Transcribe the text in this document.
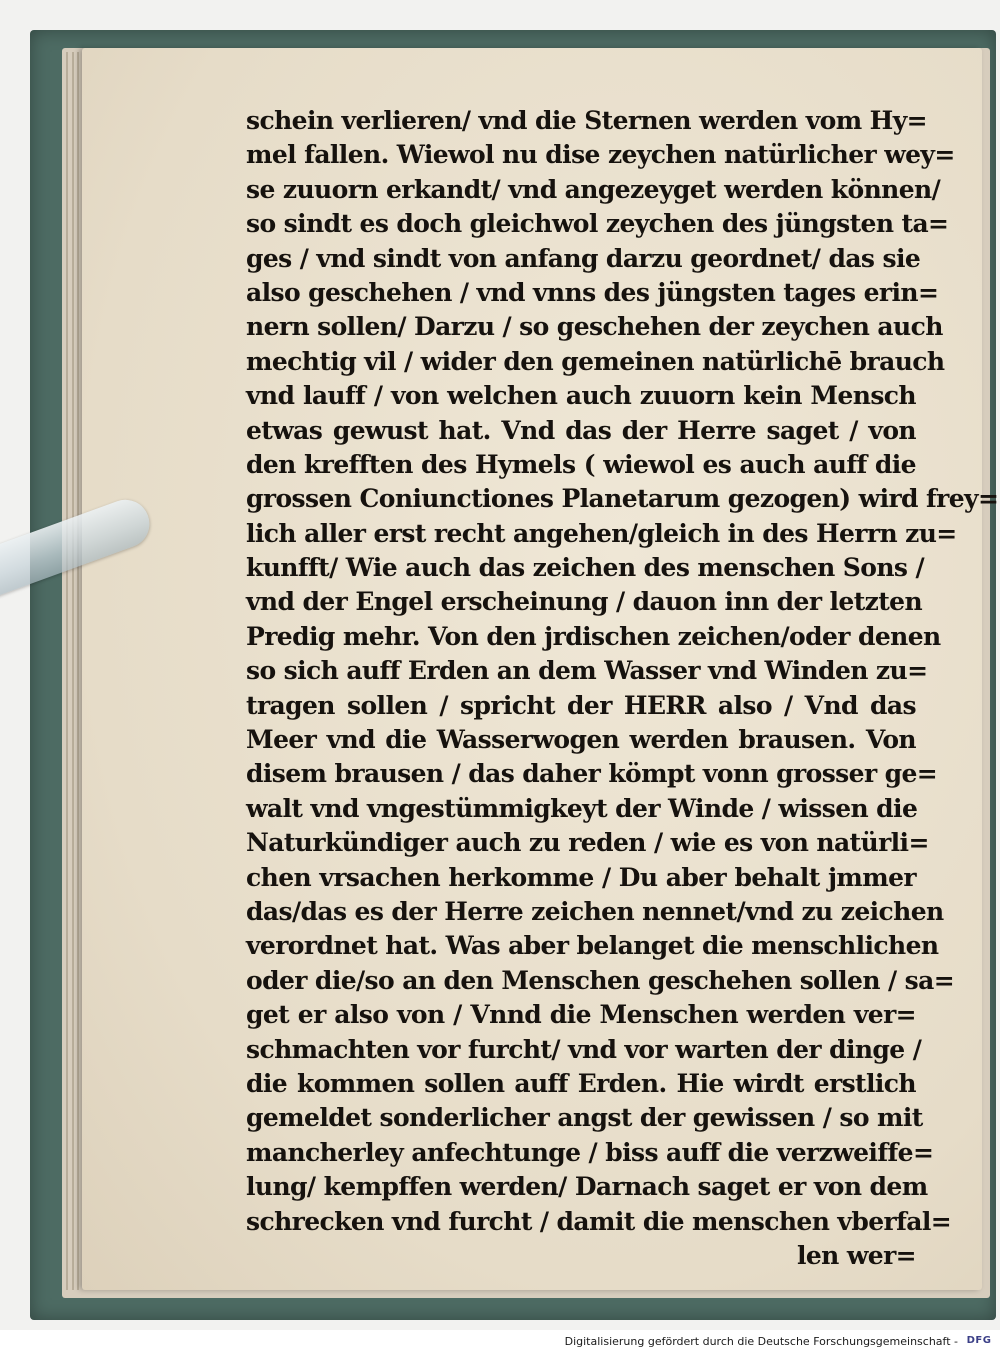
schein verlieren/ vnd die Sternen werden vom Hy=
mel fallen. Wiewol nu dise zeychen natürlicher wey=
se zuuorn erkandt/ vnd angezeyget werden können/
so sindt es doch gleichwol zeychen des jüngsten ta=
ges / vnd sindt von anfang darzu geordnet/ das sie
also geschehen / vnd vnns des jüngsten tages erin=
nern sollen/ Darzu / so geschehen der zeychen auch
mechtig vil / wider den gemeinen natürlichē brauch
vnd lauff / von welchen auch zuuorn kein Mensch
etwas gewust hat. Vnd das der Herre saget / von
den krefften des Hymels ( wiewol es auch auff die
grossen Coniunctiones Planetarum gezogen) wird frey=
lich aller erst recht angehen/gleich in des Herrn zu=
kunfft/ Wie auch das zeichen des menschen Sons /
vnd der Engel erscheinung / dauon inn der letzten
Predig mehr. Von den jrdischen zeichen/oder denen
so sich auff Erden an dem Wasser vnd Winden zu=
tragen sollen / spricht der HERR also / Vnd das
Meer vnd die Wasserwogen werden brausen. Von
disem brausen / das daher kömpt vonn grosser ge=
walt vnd vngestümmigkeyt der Winde / wissen die
Naturkündiger auch zu reden / wie es von natürli=
chen vrsachen herkomme / Du aber behalt jmmer
das/das es der Herre zeichen nennet/vnd zu zeichen
verordnet hat. Was aber belanget die menschlichen
oder die/so an den Menschen geschehen sollen / sa=
get er also von / Vnnd die Menschen werden ver=
schmachten vor furcht/ vnd vor warten der dinge /
die kommen sollen auff Erden. Hie wirdt erstlich
gemeldet sonderlicher angst der gewissen / so mit
mancherley anfechtunge / biss auff die verzweiffe=
lung/ kempffen werden/ Darnach saget er von dem
schrecken vnd furcht / damit die menschen vberfal=
len wer=
Digitalisierung gefördert durch die Deutsche Forschungsgemeinschaft - DFG
